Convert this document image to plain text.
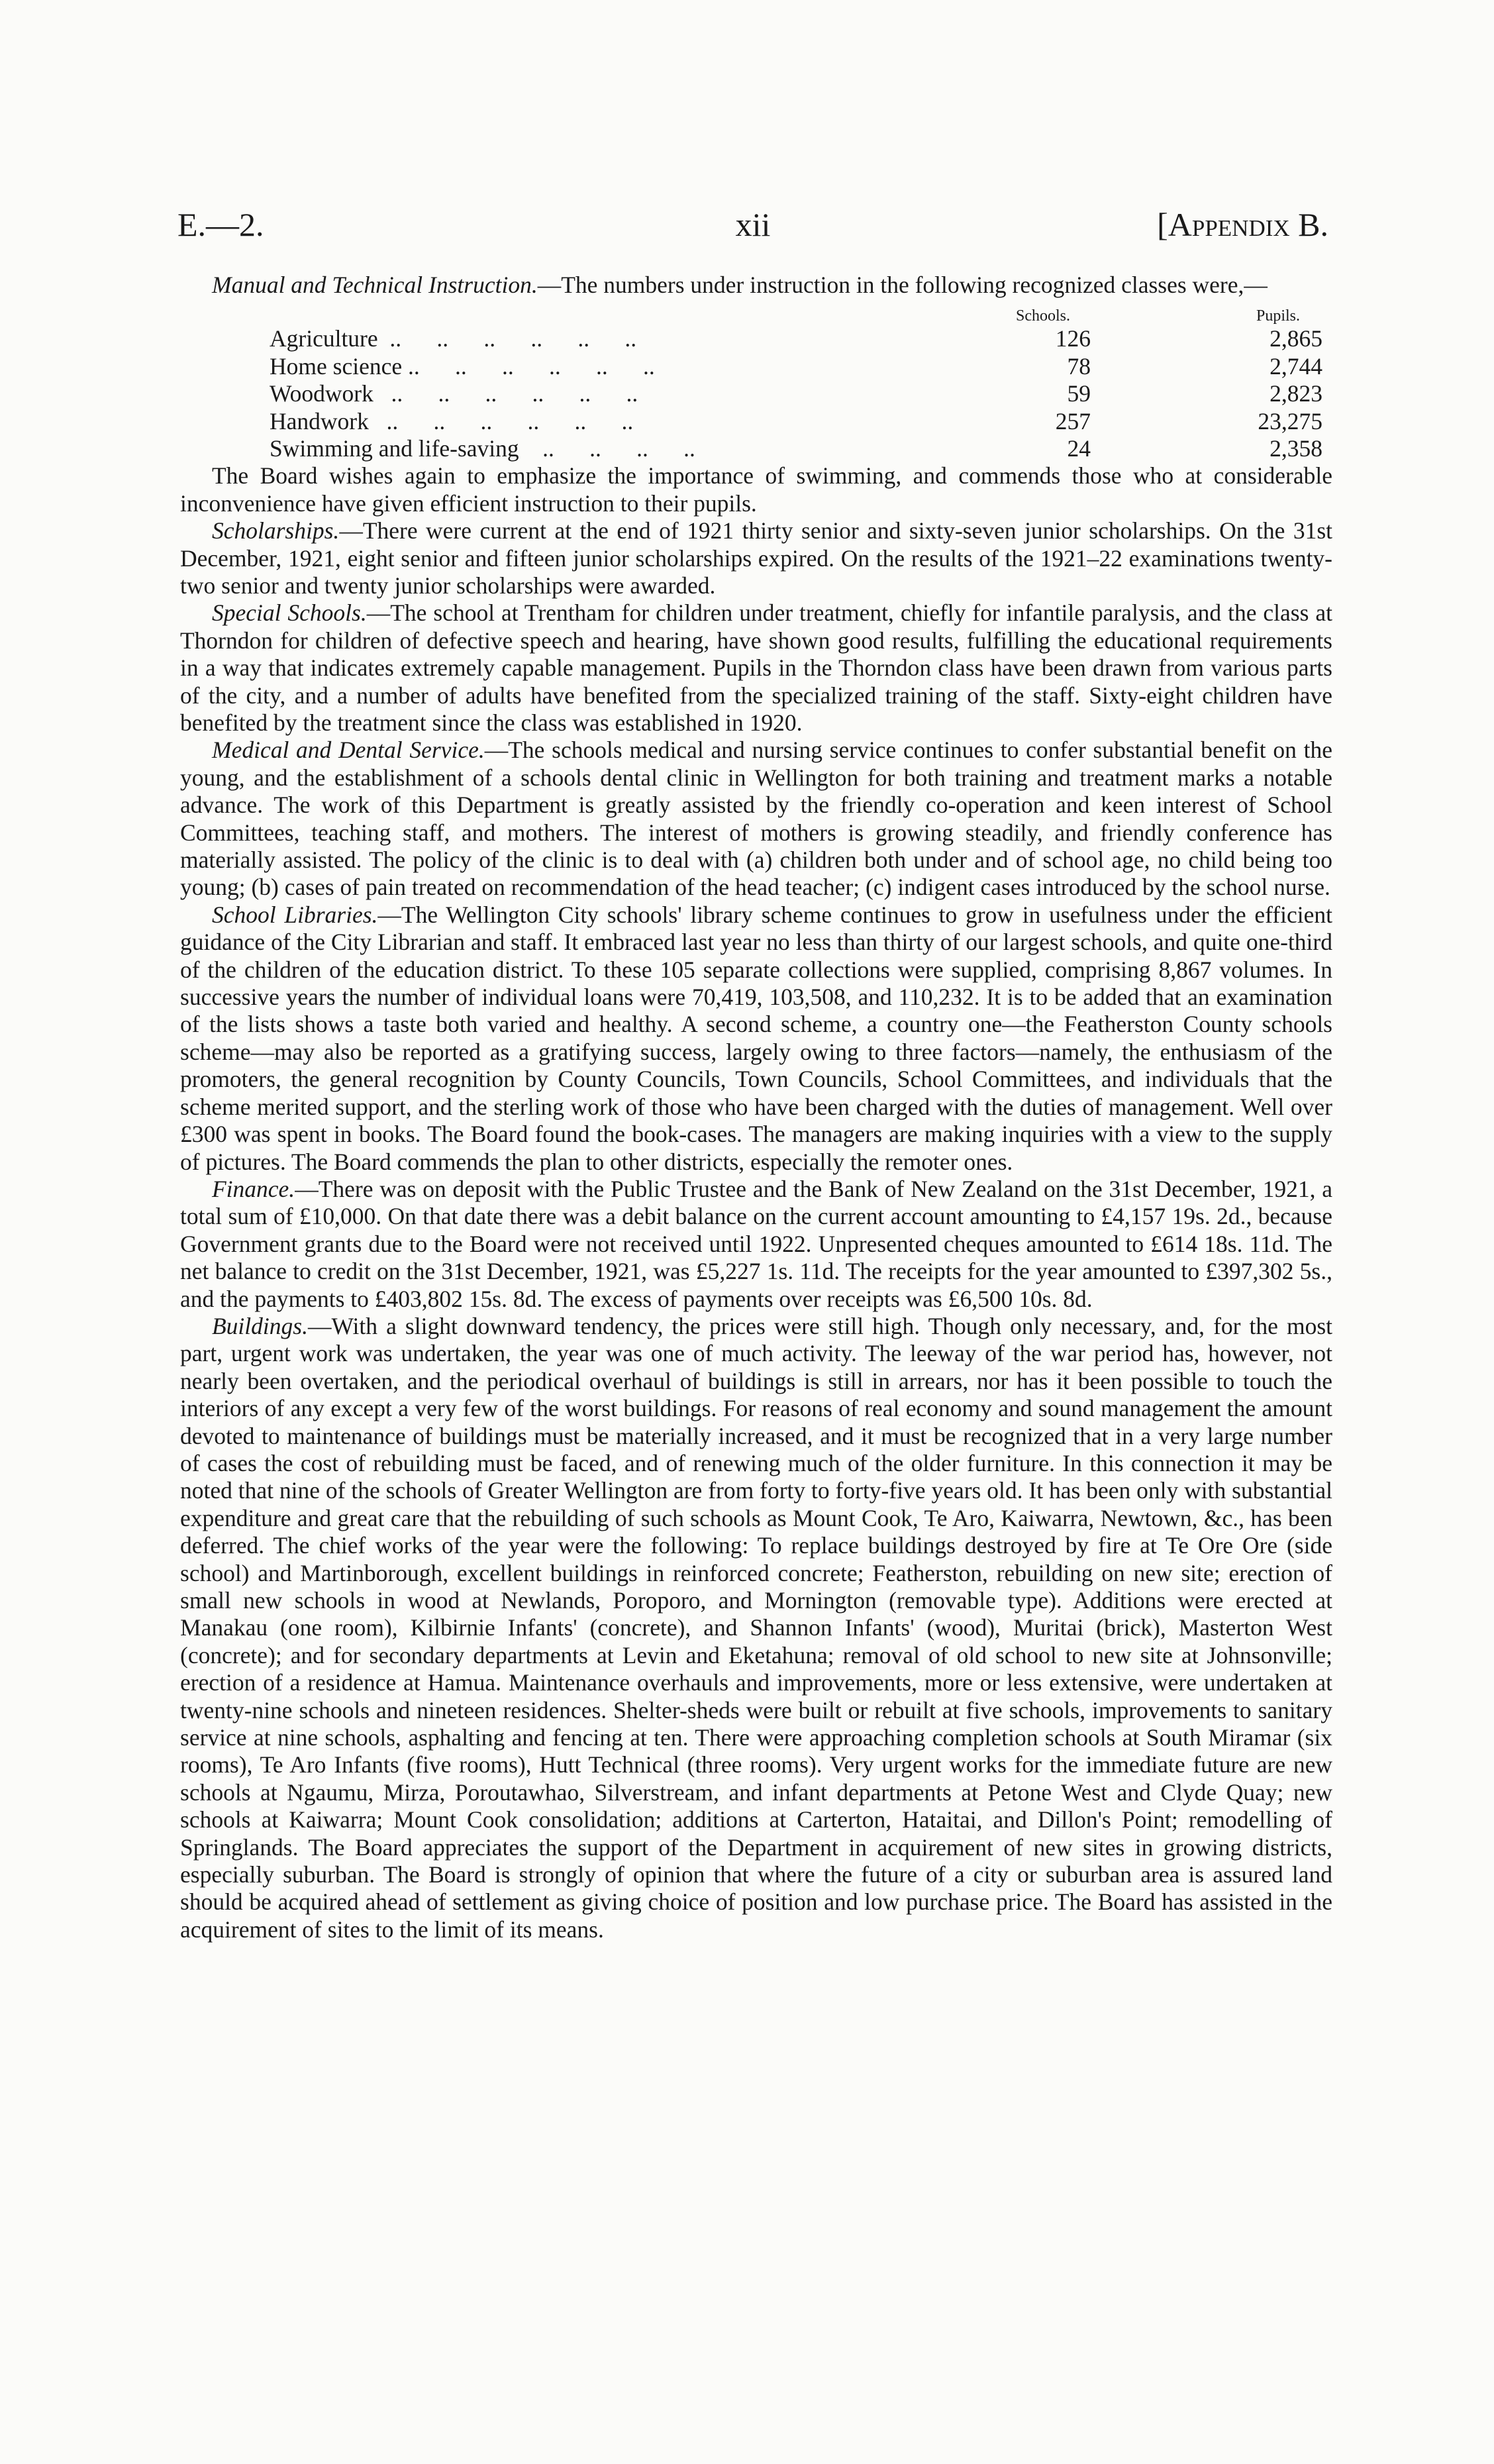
E.—2.	xii	[Appendix B.

Manual and Technical Instruction.—The numbers under instruction in the following recognized classes were,—

Schools.	Pupils.
Agriculture  ..      ..      ..      ..      ..      ..	126	2,865
Home science ..      ..      ..      ..      ..      ..	78	2,744
Woodwork   ..      ..      ..      ..      ..      ..	59	2,823
Handwork   ..      ..      ..      ..      ..      ..	257	23,275
Swimming and life-saving    ..      ..      ..      ..	24	2,358

The Board wishes again to emphasize the importance of swimming, and commends those who at considerable inconvenience have given efficient instruction to their pupils.

Scholarships.—There were current at the end of 1921 thirty senior and sixty-seven junior scholarships. On the 31st December, 1921, eight senior and fifteen junior scholarships expired. On the results of the 1921–22 examinations twenty-two senior and twenty junior scholarships were awarded.

Special Schools.—The school at Trentham for children under treatment, chiefly for infantile paralysis, and the class at Thorndon for children of defective speech and hearing, have shown good results, fulfilling the educational requirements in a way that indicates extremely capable management. Pupils in the Thorndon class have been drawn from various parts of the city, and a number of adults have benefited from the specialized training of the staff. Sixty-eight children have benefited by the treatment since the class was established in 1920.

Medical and Dental Service.—The schools medical and nursing service continues to confer substantial benefit on the young, and the establishment of a schools dental clinic in Wellington for both training and treatment marks a notable advance. The work of this Department is greatly assisted by the friendly co-operation and keen interest of School Committees, teaching staff, and mothers. The interest of mothers is growing steadily, and friendly conference has materially assisted. The policy of the clinic is to deal with (a) children both under and of school age, no child being too young; (b) cases of pain treated on recommendation of the head teacher; (c) indigent cases introduced by the school nurse.

School Libraries.—The Wellington City schools' library scheme continues to grow in usefulness under the efficient guidance of the City Librarian and staff. It embraced last year no less than thirty of our largest schools, and quite one-third of the children of the education district. To these 105 separate collections were supplied, comprising 8,867 volumes. In successive years the number of individual loans were 70,419, 103,508, and 110,232. It is to be added that an examination of the lists shows a taste both varied and healthy. A second scheme, a country one—the Featherston County schools scheme—may also be reported as a gratifying success, largely owing to three factors—namely, the enthusiasm of the promoters, the general recognition by County Councils, Town Councils, School Committees, and individuals that the scheme merited support, and the sterling work of those who have been charged with the duties of management. Well over £300 was spent in books. The Board found the book-cases. The managers are making inquiries with a view to the supply of pictures. The Board commends the plan to other districts, especially the remoter ones.

Finance.—There was on deposit with the Public Trustee and the Bank of New Zealand on the 31st December, 1921, a total sum of £10,000. On that date there was a debit balance on the current account amounting to £4,157 19s. 2d., because Government grants due to the Board were not received until 1922. Unpresented cheques amounted to £614 18s. 11d. The net balance to credit on the 31st December, 1921, was £5,227 1s. 11d. The receipts for the year amounted to £397,302 5s., and the payments to £403,802 15s. 8d. The excess of payments over receipts was £6,500 10s. 8d.

Buildings.—With a slight downward tendency, the prices were still high. Though only necessary, and, for the most part, urgent work was undertaken, the year was one of much activity. The leeway of the war period has, however, not nearly been overtaken, and the periodical overhaul of buildings is still in arrears, nor has it been possible to touch the interiors of any except a very few of the worst buildings. For reasons of real economy and sound management the amount devoted to maintenance of buildings must be materially increased, and it must be recognized that in a very large number of cases the cost of rebuilding must be faced, and of renewing much of the older furniture. In this connection it may be noted that nine of the schools of Greater Wellington are from forty to forty-five years old. It has been only with substantial expenditure and great care that the rebuilding of such schools as Mount Cook, Te Aro, Kaiwarra, Newtown, &c., has been deferred. The chief works of the year were the following: To replace buildings destroyed by fire at Te Ore Ore (side school) and Martinborough, excellent buildings in reinforced concrete; Featherston, rebuilding on new site; erection of small new schools in wood at Newlands, Poroporo, and Mornington (removable type). Additions were erected at Manakau (one room), Kilbirnie Infants' (concrete), and Shannon Infants' (wood), Muritai (brick), Masterton West (concrete); and for secondary departments at Levin and Eketahuna; removal of old school to new site at Johnsonville; erection of a residence at Hamua. Maintenance overhauls and improvements, more or less extensive, were undertaken at twenty-nine schools and nineteen residences. Shelter-sheds were built or rebuilt at five schools, improvements to sanitary service at nine schools, asphalting and fencing at ten. There were approaching completion schools at South Miramar (six rooms), Te Aro Infants (five rooms), Hutt Technical (three rooms). Very urgent works for the immediate future are new schools at Ngaumu, Mirza, Poroutawhao, Silverstream, and infant departments at Petone West and Clyde Quay; new schools at Kaiwarra; Mount Cook consolidation; additions at Carterton, Hataitai, and Dillon's Point; remodelling of Springlands. The Board appreciates the support of the Department in acquirement of new sites in growing districts, especially suburban. The Board is strongly of opinion that where the future of a city or suburban area is assured land should be acquired ahead of settlement as giving choice of position and low purchase price. The Board has assisted in the acquirement of sites to the limit of its means.
